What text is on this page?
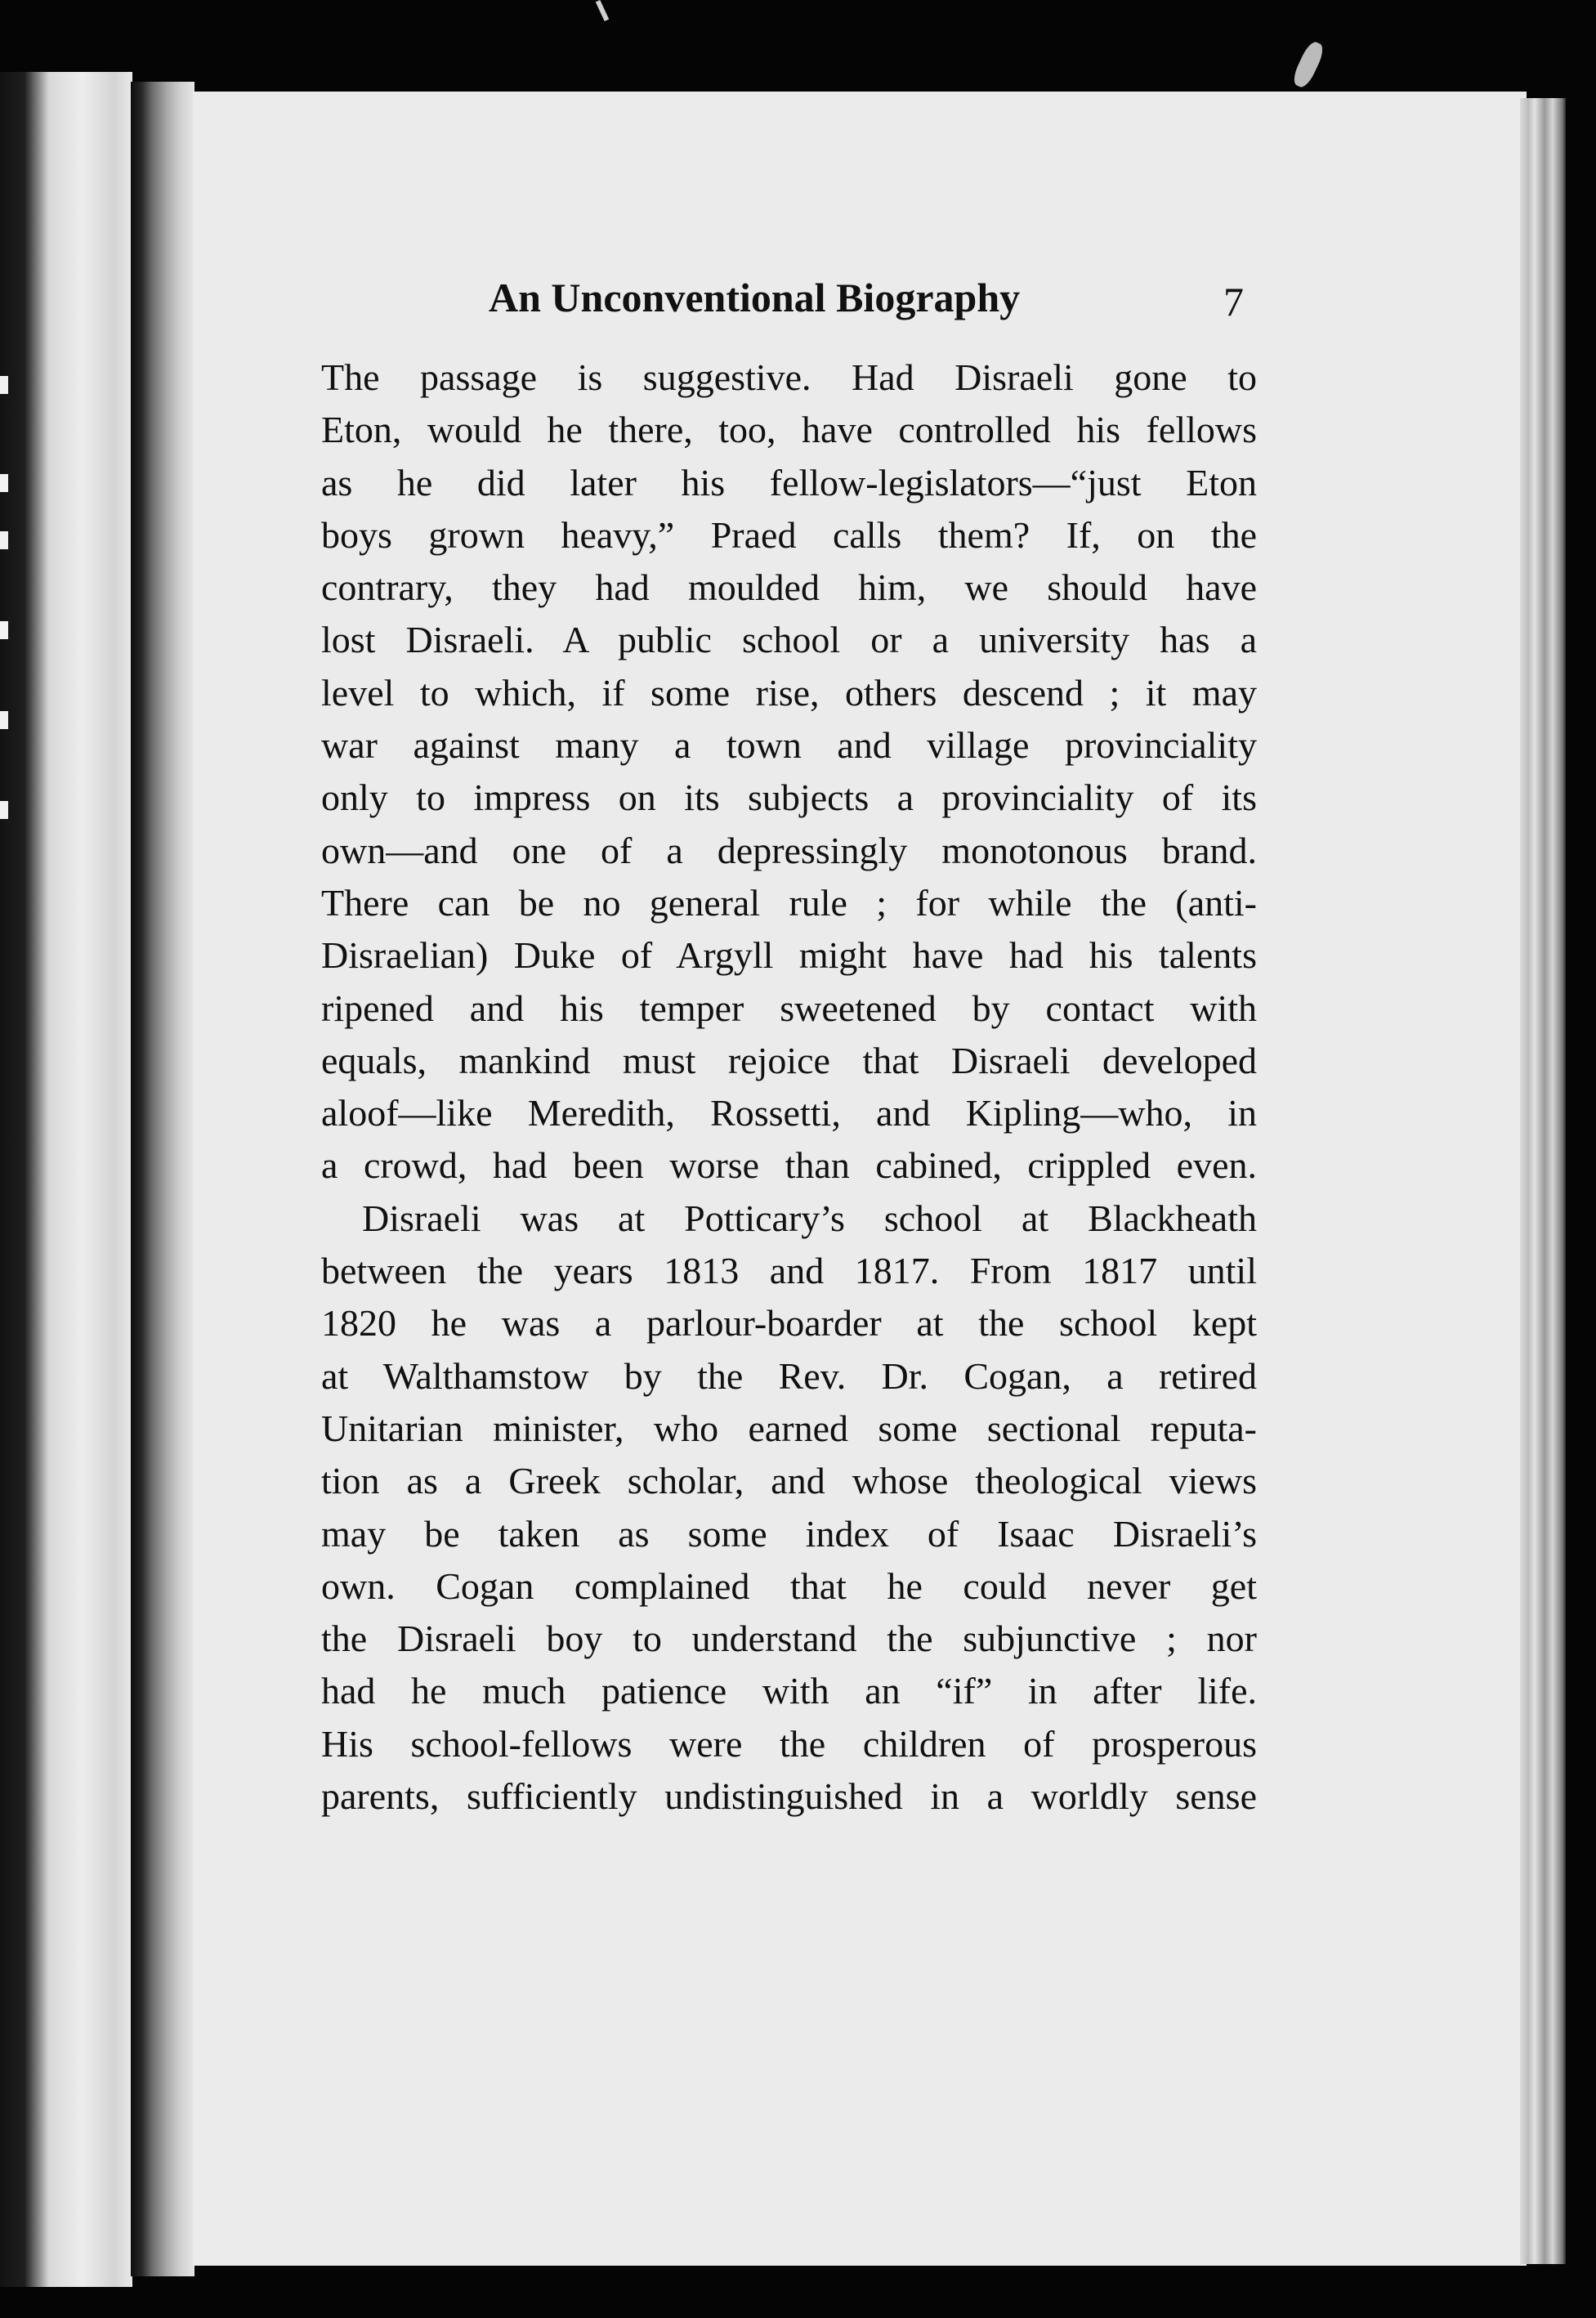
An Unconventional Biography	7
The passage is suggestive. Had Disraeli gone to
Eton, would he there, too, have controlled his fellows
as he did later his fellow-legislators—“just Eton
boys grown heavy,” Praed calls them? If, on the
contrary, they had moulded him, we should have
lost Disraeli. A public school or a university has a
level to which, if some rise, others descend ; it may
war against many a town and village provinciality
only to impress on its subjects a provinciality of its
own—and one of a depressingly monotonous brand.
There can be no general rule ; for while the (anti-
Disraelian) Duke of Argyll might have had his talents
ripened and his temper sweetened by contact with
equals, mankind must rejoice that Disraeli developed
aloof—like Meredith, Rossetti, and Kipling—who, in
a crowd, had been worse than cabined, crippled even.
Disraeli was at Potticary’s school at Blackheath
between the years 1813 and 1817. From 1817 until
1820 he was a parlour-boarder at the school kept
at Walthamstow by the Rev. Dr. Cogan, a retired
Unitarian minister, who earned some sectional reputa-
tion as a Greek scholar, and whose theological views
may be taken as some index of Isaac Disraeli’s
own. Cogan complained that he could never get
the Disraeli boy to understand the subjunctive ; nor
had he much patience with an “if” in after life.
His school-fellows were the children of prosperous
parents, sufficiently undistinguished in a worldly sense
